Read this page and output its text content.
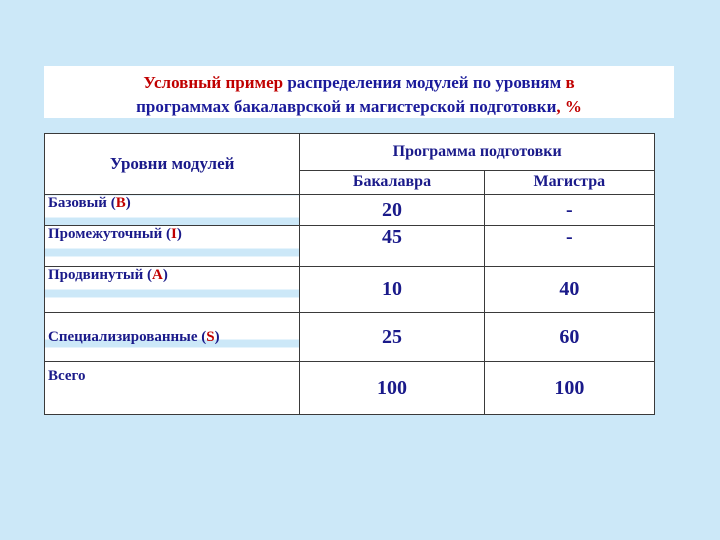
Условный пример распределения модулей по уровням в
программах бакалаврской и магистерской подготовки, %
Уровни модулей	Программа подготовки	
	Бакалавра	Магистра
Базовый (B)	20	-
Промежуточный (I)	45	-
Продвинутый (A)	10	40
Специализированные (S)	25	60
Всего	100	100
